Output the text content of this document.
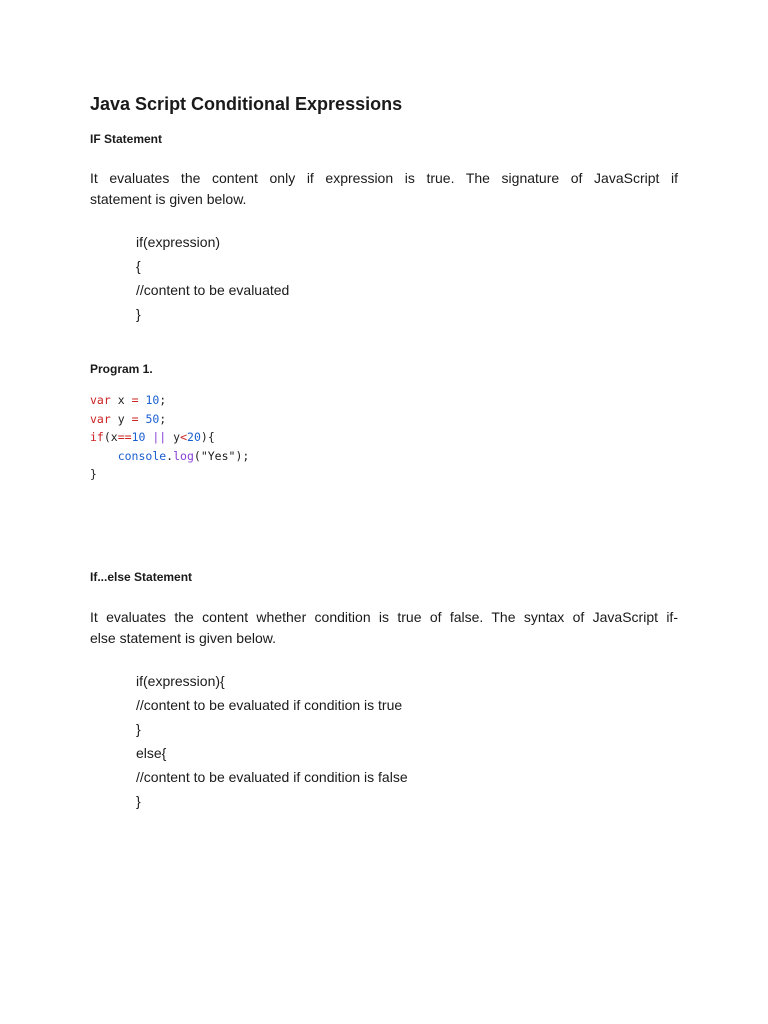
Java Script Conditional Expressions
IF Statement
It evaluates the content only if expression is true. The signature of JavaScript if
statement is given below.
if(expression)
{
//content to be evaluated
}
Program 1.
var x = 10;
var y = 50;
if(x==10 || y<20){
console.log("Yes");
}
If...else Statement
It evaluates the content whether condition is true of false. The syntax of JavaScript if-
else statement is given below.
if(expression){
//content to be evaluated if condition is true
}
else{
//content to be evaluated if condition is false
}
